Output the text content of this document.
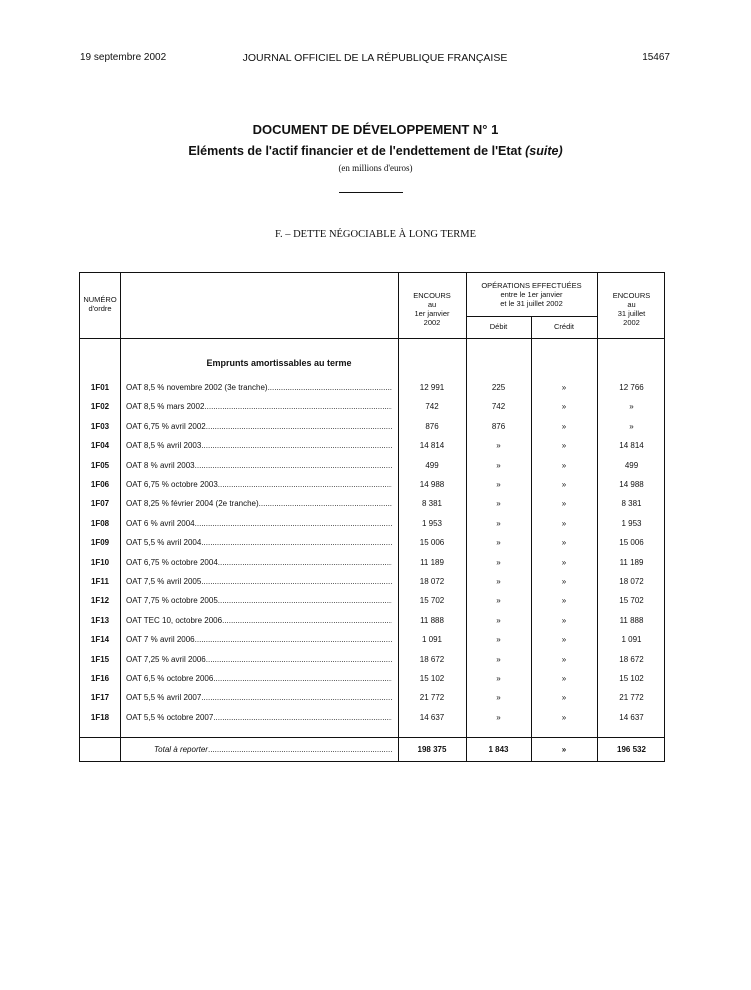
19 septembre 2002	JOURNAL OFFICIEL DE LA RÉPUBLIQUE FRANÇAISE	15467
DOCUMENT DE DÉVELOPPEMENT N° 1
Eléments de l'actif financier et de l'endettement de l'Etat (suite)
(en millions d'euros)
F. – DETTE NÉGOCIABLE À LONG TERME
NUMÉRO
d'ordre
ENCOURS
au
1er janvier
2002
OPÉRATIONS EFFECTUÉES
entre le 1er janvier
et le 31 juillet 2002
Débit	Crédit
ENCOURS
au
31 juillet
2002
Emprunts amortissables au terme
1F01	OAT 8,5 % novembre 2002 (3e tranche) .....	12 991	225	»	12 766
1F02	OAT 8,5 % mars 2002 .....	742	742	»	»
1F03	OAT 6,75 % avril 2002 .....	876	876	»	»
1F04	OAT 8,5 % avril 2003 .....	14 814	»	»	14 814
1F05	OAT 8 % avril 2003 .....	499	»	»	499
1F06	OAT 6,75 % octobre 2003 .....	14 988	»	»	14 988
1F07	OAT 8,25 % février 2004 (2e tranche) .....	8 381	»	»	8 381
1F08	OAT 6 % avril 2004 .....	1 953	»	»	1 953
1F09	OAT 5,5 % avril 2004 .....	15 006	»	»	15 006
1F10	OAT 6,75 % octobre 2004 .....	11 189	»	»	11 189
1F11	OAT 7,5 % avril 2005 .....	18 072	»	»	18 072
1F12	OAT 7,75 % octobre 2005 .....	15 702	»	»	15 702
1F13	OAT TEC 10, octobre 2006 .....	11 888	»	»	11 888
1F14	OAT 7 % avril 2006 .....	1 091	»	»	1 091
1F15	OAT 7,25 % avril 2006 .....	18 672	»	»	18 672
1F16	OAT 6,5 % octobre 2006 .....	15 102	»	»	15 102
1F17	OAT 5,5 % avril 2007 .....	21 772	»	»	21 772
1F18	OAT 5,5 % octobre 2007 .....	14 637	»	»	14 637
Total à reporter .....	198 375	1 843	»	196 532
